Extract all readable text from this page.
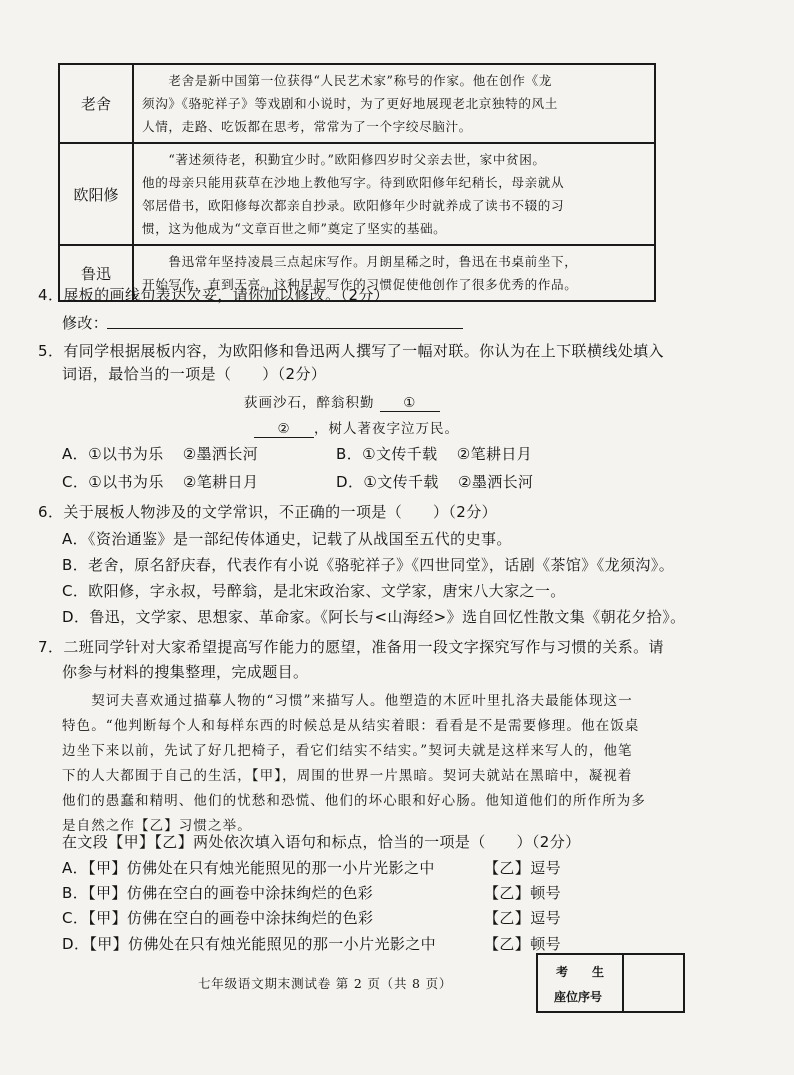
老舍	　　老舍是新中国第一位获得“人民艺术家”称号的作家。他在创作《龙
须沟》《骆驼祥子》等戏剧和小说时，为了更好地展现老北京独特的风土
人情，走路、吃饭都在思考，常常为了一个字绞尽脑汁。

欧阳修	　　“著述须待老，积勤宜少时。”欧阳修四岁时父亲去世，家中贫困。
他的母亲只能用荻草在沙地上教他写字。待到欧阳修年纪稍长，母亲就从
邻居借书，欧阳修每次都亲自抄录。欧阳修年少时就养成了读书不辍的习
惯，这为他成为“文章百世之师”奠定了坚实的基础。

鲁迅	　　鲁迅常年坚持凌晨三点起床写作。月朗星稀之时，鲁迅在书桌前坐下，
开始写作，直到天亮。这种早起写作的习惯促使他创作了很多优秀的作品。
4．展板的画线句表达欠妥，请你加以修改。（2分）
修改：
5．有同学根据展板内容，为欧阳修和鲁迅两人撰写了一幅对联。你认为在上下联横线处填入
词语，最恰当的一项是（　　）（2分）
荻画沙石，醉翁积勤 ①
② ，树人著夜字泣万民。
A．①以书为乐 ②墨洒长河	B．①文传千载 ②笔耕日月
C．①以书为乐 ②笔耕日月	D．①文传千载 ②墨洒长河
6．关于展板人物涉及的文学常识，不正确的一项是（　　）（2分）
A．《资治通鉴》是一部纪传体通史，记载了从战国至五代的史事。
B．老舍，原名舒庆春，代表作有小说《骆驼祥子》《四世同堂》，话剧《茶馆》《龙须沟》。
C．欧阳修，字永叔，号醉翁，是北宋政治家、文学家，唐宋八大家之一。
D．鲁迅，文学家、思想家、革命家。《阿长与<山海经>》选自回忆性散文集《朝花夕拾》。
7．二班同学针对大家希望提高写作能力的愿望，准备用一段文字探究写作与习惯的关系。请
你参与材料的搜集整理，完成题目。
　　契诃夫喜欢通过描摹人物的“习惯”来描写人。他塑造的木匠叶里扎洛夫最能体现这一
特色。“他判断每个人和每样东西的时候总是从结实着眼：看看是不是需要修理。他在饭桌
边坐下来以前，先试了好几把椅子，看它们结实不结实。”契诃夫就是这样来写人的，他笔
下的人大都囿于自己的生活，【甲】，周围的世界一片黑暗。契诃夫就站在黑暗中，凝视着
他们的愚蠢和精明、他们的忧愁和恐慌、他们的坏心眼和好心肠。他知道他们的所作所为多
是自然之作【乙】习惯之举。
在文段【甲】【乙】两处依次填入语句和标点，恰当的一项是（　　）（2分）
A．【甲】仿佛处在只有烛光能照见的那一小片光影之中	【乙】逗号
B．【甲】仿佛在空白的画卷中涂抹绚烂的色彩	【乙】顿号
C．【甲】仿佛在空白的画卷中涂抹绚烂的色彩	【乙】逗号
D．【甲】仿佛处在只有烛光能照见的那一小片光影之中	【乙】顿号
考　　生
座位序号
七年级语文期末测试卷 第 2 页（共 8 页）
